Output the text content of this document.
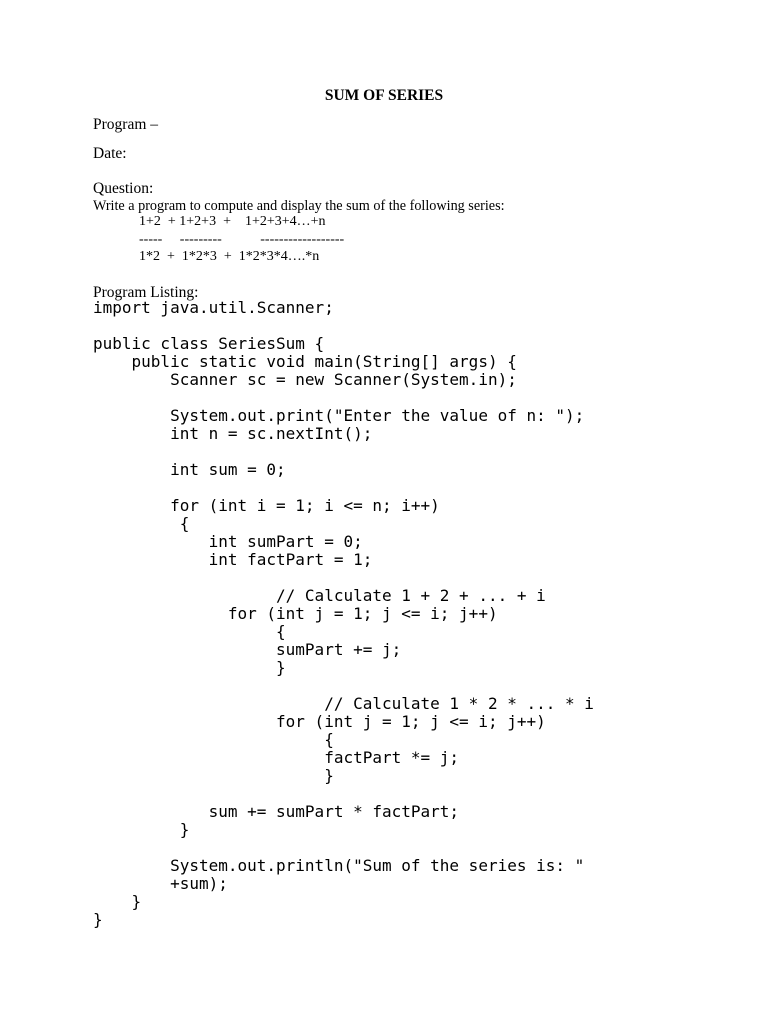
SUM OF SERIES
Program –
Date:
Question:
Write a program to compute and display the sum of the following series:
1+2  + 1+2+3  +    1+2+3+4…+n
-----     ---------           ------------------
1*2  +  1*2*3  +  1*2*3*4….*n
Program Listing:
import java.util.Scanner;
public class SeriesSum {
public static void main(String[] args) {
Scanner sc = new Scanner(System.in);
System.out.print("Enter the value of n: ");
int n = sc.nextInt();
int sum = 0;
for (int i = 1; i <= n; i++)
{
int sumPart = 0;
int factPart = 1;
// Calculate 1 + 2 + ... + i
for (int j = 1; j <= i; j++)
{
sumPart += j;
}
// Calculate 1 * 2 * ... * i
for (int j = 1; j <= i; j++)
{
factPart *= j;
}
sum += sumPart * factPart;
}
System.out.println("Sum of the series is: "
+sum);
}
}
